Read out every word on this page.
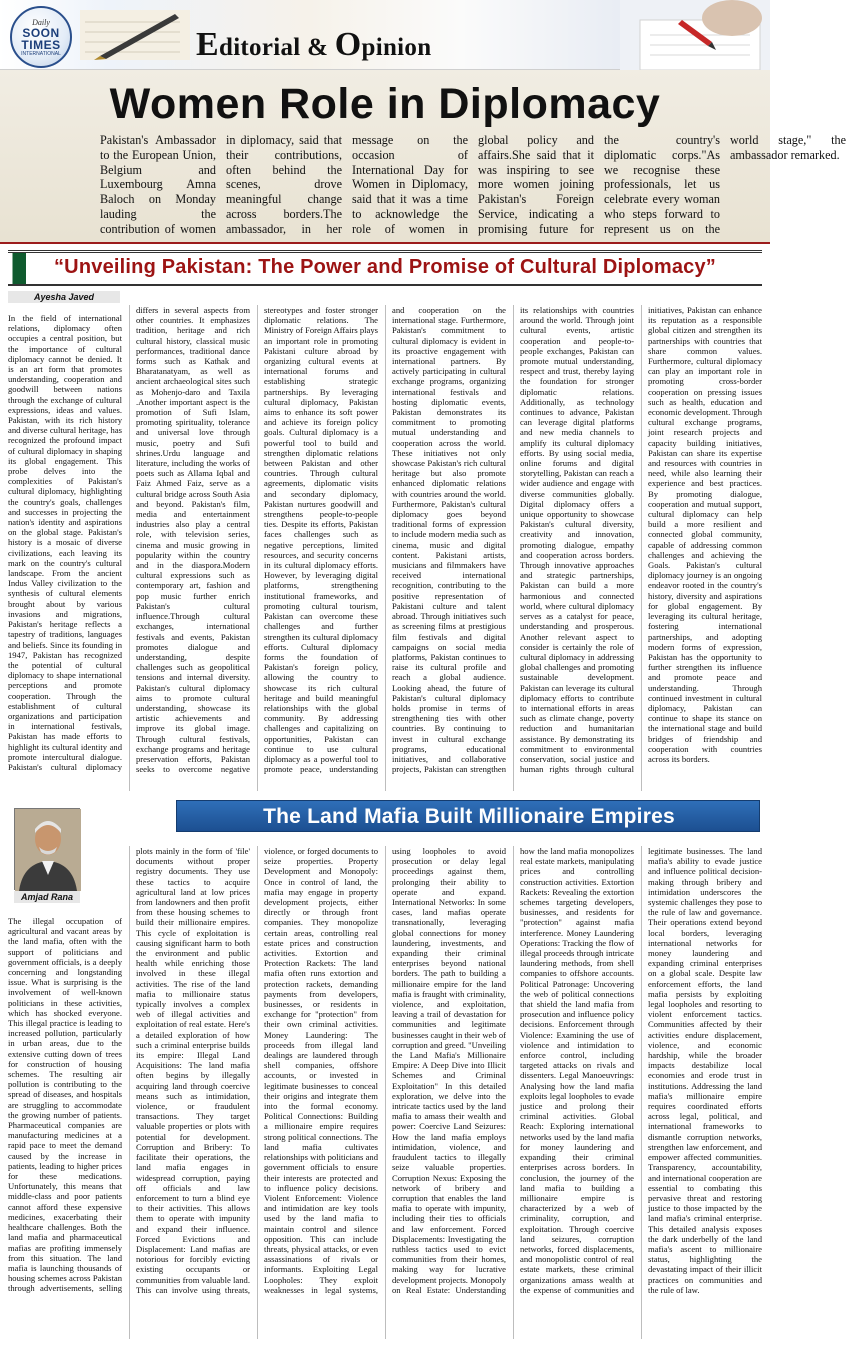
Daily
SOON
TIMES
INTERNATIONAL	Editorial & Opinion
Women Role in Diplomacy
Pakistan's Ambassador to the European Union, Belgium and Luxembourg Amna Baloch on Monday lauding the contribution of women in diplomacy, said that their contributions, often behind the scenes, drove meaningful change across borders.The ambassador, in her message on the occasion of International Day for Women in Diplomacy, said that it was a time to acknowledge the role of women in global policy and affairs.She said that it was inspiring to see more women joining Pakistan's Foreign Service, indicating a promising future for the country's diplomatic corps."As we recognise these professionals, let us celebrate every woman who steps forward to represent us on the world stage," the ambassador remarked.
“Unveiling Pakistan: The Power and Promise of Cultural Diplomacy”
Ayesha Javed

In the field of international relations, diplomacy often occupies a central position, but the importance of cultural diplomacy cannot be denied. It is an art form that promotes understanding, cooperation and goodwill between nations through the exchange of cultural expressions, ideas and values. Pakistan, with its rich history and diverse cultural heritage, has recognized the profound impact of cultural diplomacy in shaping its global engagement. This probe delves into the complexities of Pakistan's cultural diplomacy, highlighting the country's goals, challenges and successes in projecting the nation's identity and aspirations on the global stage. Pakistan's history is a mosaic of diverse civilizations, each leaving its mark on the country's cultural landscape. From the ancient Indus Valley civilization to the synthesis of cultural elements brought about by various invasions and migrations, Pakistan's heritage reflects a tapestry of traditions, languages and beliefs. Since its founding in 1947, Pakistan has recognized the potential of cultural diplomacy to shape international perceptions and promote cooperation. Through the establishment of cultural organizations and participation in international festivals, Pakistan has made efforts to highlight its cultural identity and promote intercultural dialogue. Pakistan's cultural diplomacy differs in several aspects from other countries. It emphasizes tradition, heritage and rich cultural history, classical music performances, traditional dance forms such as Kathak and Bharatanatyam, as well as ancient archaeological sites such as Mohenjo-daro and Taxila .Another important aspect is the promotion of Sufi Islam, promoting spirituality, tolerance and universal love through music, poetry and Sufi shrines.Urdu language and literature, including the works of poets such as Allama Iqbal and Faiz Ahmed Faiz, serve as a cultural bridge across South Asia and beyond. Pakistan's film, media and entertainment industries also play a central role, with television series, cinema and music growing in popularity within the country and in the diaspora.Modern cultural expressions such as contemporary art, fashion and pop music further enrich Pakistan's cultural influence.Through cultural exchanges, international festivals and events, Pakistan promotes dialogue and understanding, despite challenges such as geopolitical tensions and internal diversity. Pakistan's cultural diplomacy aims to promote cultural understanding, showcase its artistic achievements and improve its global image. Through cultural festivals, exchange programs and heritage preservation efforts, Pakistan seeks to overcome negative stereotypes and foster stronger diplomatic relations. The Ministry of Foreign Affairs plays an important role in promoting Pakistani culture abroad by organizing cultural events at international forums and establishing strategic partnerships. By leveraging cultural diplomacy, Pakistan aims to enhance its soft power and achieve its foreign policy goals. Cultural diplomacy is a powerful tool to build and strengthen diplomatic relations between Pakistan and other countries. Through cultural agreements, diplomatic visits and secondary diplomacy, Pakistan nurtures goodwill and strengthens people-to-people ties. Despite its efforts, Pakistan faces challenges such as negative perceptions, limited resources, and security concerns in its cultural diplomacy efforts. However, by leveraging digital platforms, strengthening institutional frameworks, and promoting cultural tourism, Pakistan can overcome these challenges and further strengthen its cultural diplomacy efforts. Cultural diplomacy forms the foundation of Pakistan's foreign policy, allowing the country to showcase its rich cultural heritage and build meaningful relationships with the global community. By addressing challenges and capitalizing on opportunities, Pakistan can continue to use cultural diplomacy as a powerful tool to promote peace, understanding and cooperation on the international stage. Furthermore, Pakistan's commitment to cultural diplomacy is evident in its proactive engagement with international partners. By actively participating in cultural exchange programs, organizing international festivals and hosting diplomatic events, Pakistan demonstrates its commitment to promoting mutual understanding and cooperation across the world. These initiatives not only showcase Pakistan's rich cultural heritage but also promote enhanced diplomatic relations with countries around the world. Furthermore, Pakistan's cultural diplomacy goes beyond traditional forms of expression to include modern media such as cinema, music and digital content. Pakistani artists, musicians and filmmakers have received international recognition, contributing to the positive representation of Pakistani culture and talent abroad. Through initiatives such as screening films at prestigious film festivals and digital campaigns on social media platforms, Pakistan continues to raise its cultural profile and reach a global audience. Looking ahead, the future of Pakistan's cultural diplomacy holds promise in terms of strengthening ties with other countries. By continuing to invest in cultural exchange programs, educational initiatives, and collaborative projects, Pakistan can strengthen its relationships with countries around the world. Through joint cultural events, artistic cooperation and people-to-people exchanges, Pakistan can promote mutual understanding, respect and trust, thereby laying the foundation for stronger diplomatic relations. Additionally, as technology continues to advance, Pakistan can leverage digital platforms and new media channels to amplify its cultural diplomacy efforts. By using social media, online forums and digital storytelling, Pakistan can reach a wider audience and engage with diverse communities globally. Digital diplomacy offers a unique opportunity to showcase Pakistan's cultural diversity, creativity and innovation, promoting dialogue, empathy and cooperation across borders. Through innovative approaches and strategic partnerships, Pakistan can build a more harmonious and connected world, where cultural diplomacy serves as a catalyst for peace, understanding and prosperous. Another relevant aspect to consider is certainly the role of cultural diplomacy in addressing global challenges and promoting sustainable development. Pakistan can leverage its cultural diplomacy efforts to contribute to international efforts in areas such as climate change, poverty reduction and humanitarian assistance. By demonstrating its commitment to environmental conservation, social justice and human rights through cultural initiatives, Pakistan can enhance its reputation as a responsible global citizen and strengthen its partnerships with countries that share common values. Furthermore, cultural diplomacy can play an important role in promoting cross-border cooperation on pressing issues such as health, education and economic development. Through cultural exchange programs, joint research projects and capacity building initiatives, Pakistan can share its expertise and resources with countries in need, while also learning their experience and best practices. By promoting dialogue, cooperation and mutual support, cultural diplomacy can help build a more resilient and connected global community, capable of addressing common challenges and achieving the Goals. Pakistan's cultural diplomacy journey is an ongoing endeavor rooted in the country's history, diversity and aspirations for global engagement. By leveraging its cultural heritage, fostering international partnerships, and adopting modern forms of expression, Pakistan has the opportunity to further strengthen its influence and promote peace and understanding. Through continued investment in cultural diplomacy, Pakistan can continue to shape its stance on the international stage and build bridges of friendship and cooperation with countries across its borders.

The Land Mafia Built Millionaire Empires
Amjad Rana

The illegal occupation of agricultural and vacant areas by the land mafia, often with the support of politicians and government officials, is a deeply concerning and longstanding issue. What is surprising is the involvement of well-known politicians in these activities, which has shocked everyone. This illegal practice is leading to increased pollution, particularly in urban areas, due to the extensive cutting down of trees for construction of housing schemes. The resulting air pollution is contributing to the spread of diseases, and hospitals are struggling to accommodate the growing number of patients. Pharmaceutical companies are manufacturing medicines at a rapid pace to meet the demand caused by the increase in patients, leading to higher prices for these medications. Unfortunately, this means that middle-class and poor patients cannot afford these expensive medicines, exacerbating their healthcare challenges. Both the land mafia and pharmaceutical mafias are profiting immensely from this situation. The land mafia is launching thousands of housing schemes across Pakistan through advertisements, selling plots mainly in the form of 'file' documents without proper registry documents. They use these tactics to acquire agricultural land at low prices from landowners and then profit from these housing schemes to build their millionaire empires. This cycle of exploitation is causing significant harm to both the environment and public health while enriching those involved in these illegal activities. The rise of the land mafia to millionaire status typically involves a complex web of illegal activities and exploitation of real estate. Here's a detailed exploration of how such a criminal enterprise builds its empire: Illegal Land Acquisitions: The land mafia often begins by illegally acquiring land through coercive means such as intimidation, violence, or fraudulent transactions. They target valuable properties or plots with potential for development. Corruption and Bribery: To facilitate their operations, the land mafia engages in widespread corruption, paying off officials and law enforcement to turn a blind eye to their activities. This allows them to operate with impunity and expand their influence. Forced Evictions and Displacement: Land mafias are notorious for forcibly evicting existing occupants or communities from valuable land. This can involve using threats, violence, or forged documents to seize properties. Property Development and Monopoly: Once in control of land, the mafia may engage in property development projects, either directly or through front companies. They monopolize certain areas, controlling real estate prices and construction activities. Extortion and Protection Rackets: The land mafia often runs extortion and protection rackets, demanding payments from developers, businesses, or residents in exchange for "protection" from their own criminal activities. Money Laundering: The proceeds from illegal land dealings are laundered through shell companies, offshore accounts, or invested in legitimate businesses to conceal their origins and integrate them into the formal economy. Political Connections: Building a millionaire empire requires strong political connections. The land mafia cultivates relationships with politicians and government officials to ensure their interests are protected and to influence policy decisions. Violent Enforcement: Violence and intimidation are key tools used by the land mafia to maintain control and silence opposition. This can include threats, physical attacks, or even assassinations of rivals or informants. Exploiting Legal Loopholes: They exploit weaknesses in legal systems, using loopholes to avoid prosecution or delay legal proceedings against them, prolonging their ability to operate and expand. International Networks: In some cases, land mafias operate transnationally, leveraging global connections for money laundering, investments, and expanding their criminal enterprises beyond national borders. The path to building a millionaire empire for the land mafia is fraught with criminality, violence, and exploitation, leaving a trail of devastation for communities and legitimate businesses caught in their web of corruption and greed. "Unveiling the Land Mafia's Millionaire Empire: A Deep Dive into Illicit Schemes and Criminal Exploitation" In this detailed exploration, we delve into the intricate tactics used by the land mafia to amass their wealth and power: Coercive Land Seizures: How the land mafia employs intimidation, violence, and fraudulent tactics to illegally seize valuable properties. Corruption Nexus: Exposing the network of bribery and corruption that enables the land mafia to operate with impunity, including their ties to officials and law enforcement. Forced Displacements: Investigating the ruthless tactics used to evict communities from their homes, making way for lucrative development projects. Monopoly on Real Estate: Understanding how the land mafia monopolizes real estate markets, manipulating prices and controlling construction activities. Extortion Rackets: Revealing the extortion schemes targeting developers, businesses, and residents for "protection" against mafia interference. Money Laundering Operations: Tracking the flow of illegal proceeds through intricate laundering methods, from shell companies to offshore accounts. Political Patronage: Uncovering the web of political connections that shield the land mafia from prosecution and influence policy decisions. Enforcement through Violence: Examining the use of violence and intimidation to enforce control, including targeted attacks on rivals and dissenters. Legal Manoeuvrings: Analysing how the land mafia exploits legal loopholes to evade justice and prolong their criminal activities. Global Reach: Exploring international networks used by the land mafia for money laundering and expanding their criminal enterprises across borders. In conclusion, the journey of the land mafia to building a millionaire empire is characterized by a web of criminality, corruption, and exploitation. Through coercive land seizures, corruption networks, forced displacements, and monopolistic control of real estate markets, these criminal organizations amass wealth at the expense of communities and legitimate businesses. The land mafia's ability to evade justice and influence political decision-making through bribery and intimidation underscores the systemic challenges they pose to the rule of law and governance. Their operations extend beyond local borders, leveraging international networks for money laundering and expanding criminal enterprises on a global scale. Despite law enforcement efforts, the land mafia persists by exploiting legal loopholes and resorting to violent enforcement tactics. Communities affected by their activities endure displacement, violence, and economic hardship, while the broader impacts destabilize local economies and erode trust in institutions. Addressing the land mafia's millionaire empire requires coordinated efforts across legal, political, and international frameworks to dismantle corruption networks, strengthen law enforcement, and empower affected communities. Transparency, accountability, and international cooperation are essential to combating this pervasive threat and restoring justice to those impacted by the land mafia's criminal enterprise. This detailed analysis exposes the dark underbelly of the land mafia's ascent to millionaire status, highlighting the devastating impact of their illicit practices on communities and the rule of law.
